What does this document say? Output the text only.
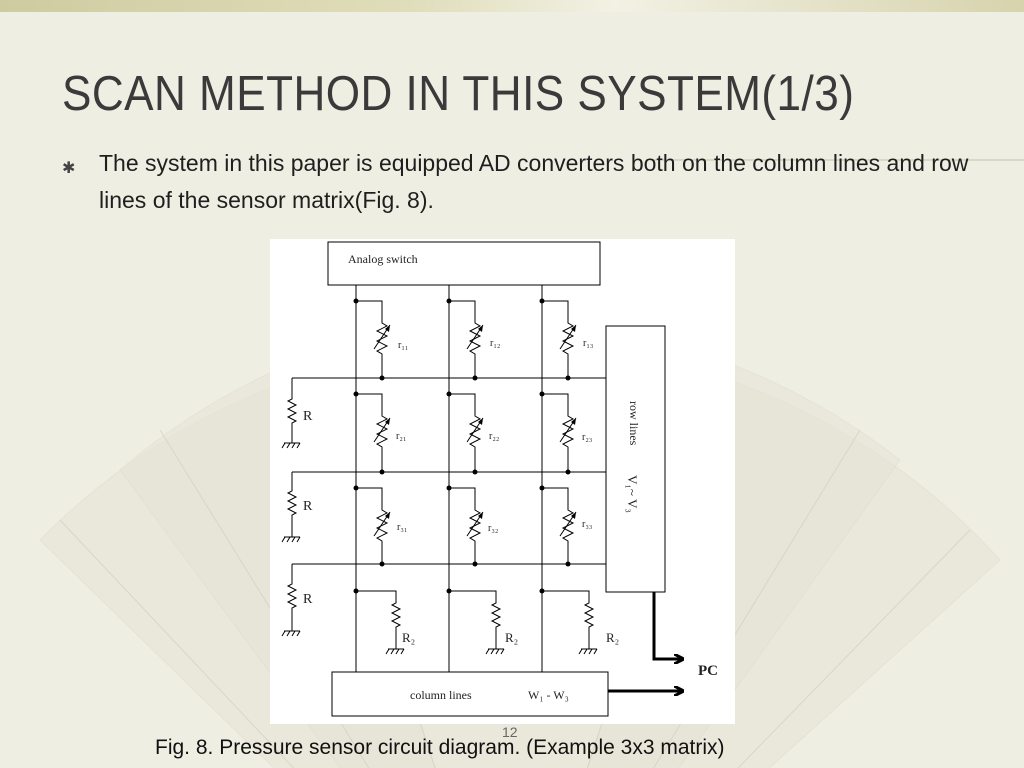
SCAN METHOD IN THIS SYSTEM(1/3)
✱ The system in this paper is equipped AD converters both on the column lines and row lines of the sensor matrix(Fig. 8).

Analog switch
row lines
V₁~ V₃
column lines	W₁ - W₃
r₁₁	r₁₂	r₁₃
r₂₁	r₂₂	r₂₃
r₃₁	r₃₂	r₃₃
R
R
R
R₂	R₂	R₂
PC
12
Fig. 8. Pressure sensor circuit diagram. (Example 3x3 matrix)
